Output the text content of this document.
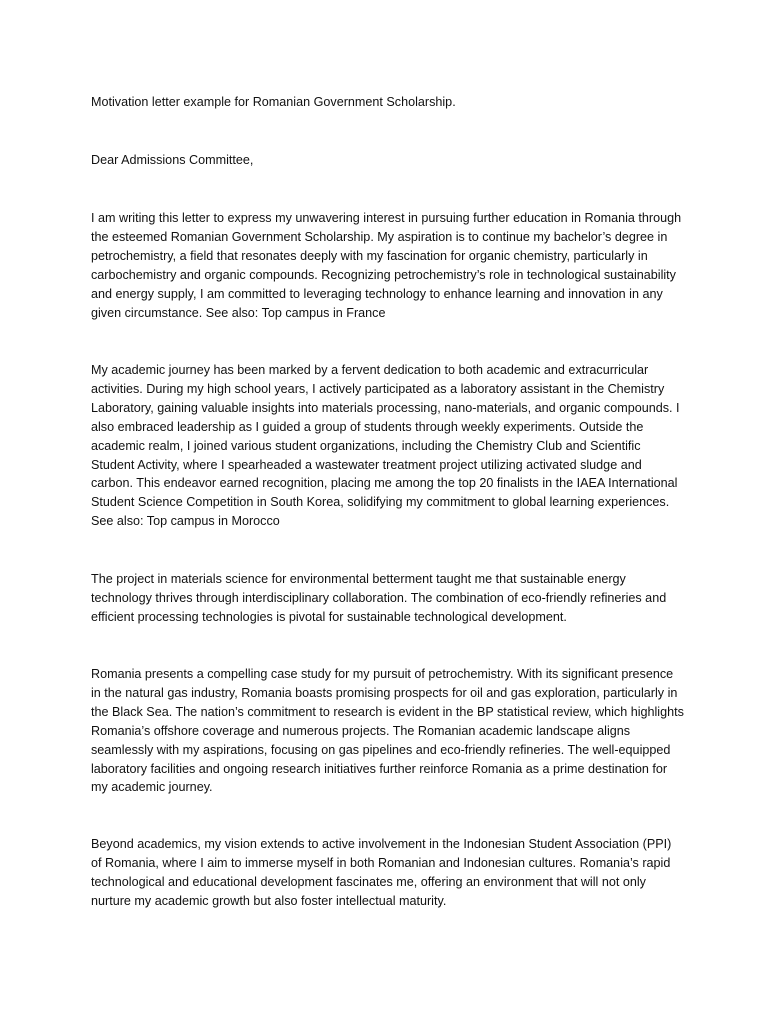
Motivation letter example for Romanian Government Scholarship.

Dear Admissions Committee,

I am writing this letter to express my unwavering interest in pursuing further education in Romania through the esteemed Romanian Government Scholarship. My aspiration is to continue my bachelor’s degree in petrochemistry, a field that resonates deeply with my fascination for organic chemistry, particularly in carbochemistry and organic compounds. Recognizing petrochemistry’s role in technological sustainability and energy supply, I am committed to leveraging technology to enhance learning and innovation in any given circumstance. See also: Top campus in France

My academic journey has been marked by a fervent dedication to both academic and extracurricular activities. During my high school years, I actively participated as a laboratory assistant in the Chemistry Laboratory, gaining valuable insights into materials processing, nano-materials, and organic compounds. I also embraced leadership as I guided a group of students through weekly experiments. Outside the academic realm, I joined various student organizations, including the Chemistry Club and Scientific Student Activity, where I spearheaded a wastewater treatment project utilizing activated sludge and carbon. This endeavor earned recognition, placing me among the top 20 finalists in the IAEA International Student Science Competition in South Korea, solidifying my commitment to global learning experiences. See also: Top campus in Morocco

The project in materials science for environmental betterment taught me that sustainable energy technology thrives through interdisciplinary collaboration. The combination of eco-friendly refineries and efficient processing technologies is pivotal for sustainable technological development.

Romania presents a compelling case study for my pursuit of petrochemistry. With its significant presence in the natural gas industry, Romania boasts promising prospects for oil and gas exploration, particularly in the Black Sea. The nation’s commitment to research is evident in the BP statistical review, which highlights Romania’s offshore coverage and numerous projects. The Romanian academic landscape aligns seamlessly with my aspirations, focusing on gas pipelines and eco-friendly refineries. The well-equipped laboratory facilities and ongoing research initiatives further reinforce Romania as a prime destination for my academic journey.

Beyond academics, my vision extends to active involvement in the Indonesian Student Association (PPI) of Romania, where I aim to immerse myself in both Romanian and Indonesian cultures. Romania’s rapid technological and educational development fascinates me, offering an environment that will not only nurture my academic growth but also foster intellectual maturity.
